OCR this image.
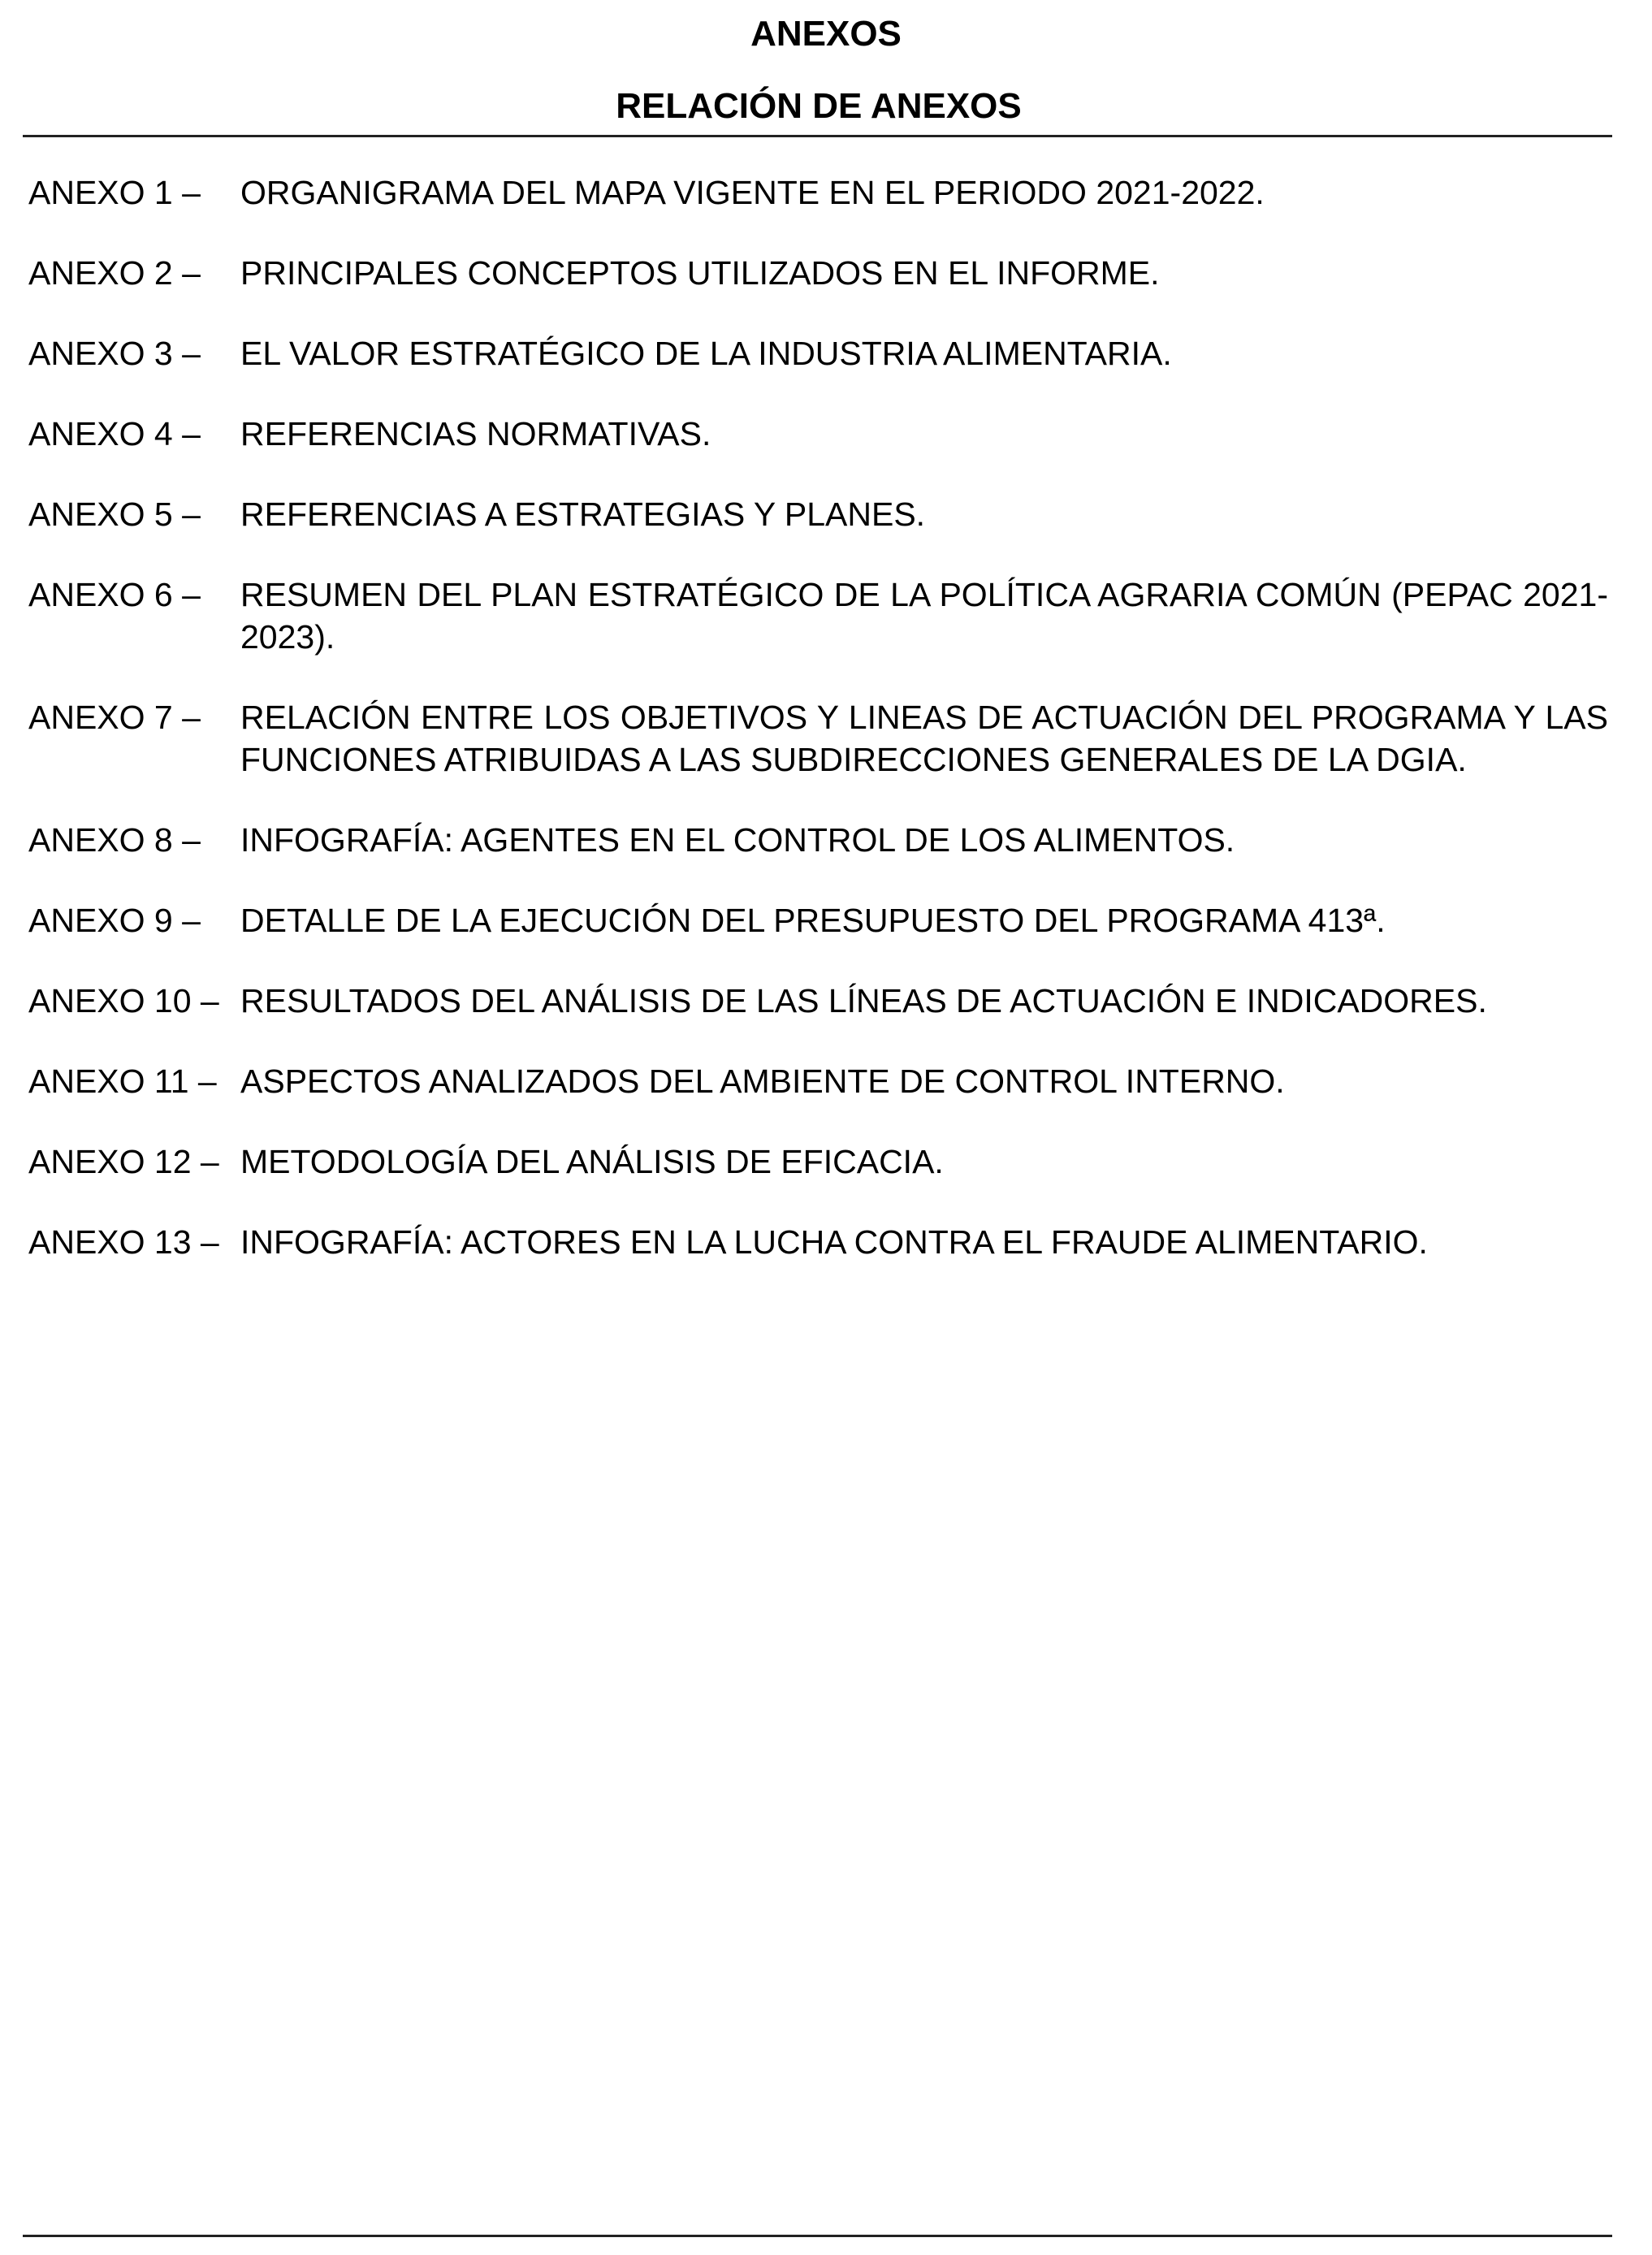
ANEXOS
RELACIÓN DE ANEXOS
ANEXO 1 –	ORGANIGRAMA DEL MAPA VIGENTE EN EL PERIODO 2021-2022.
ANEXO 2 –	PRINCIPALES CONCEPTOS UTILIZADOS EN EL INFORME.
ANEXO 3 –	EL VALOR ESTRATÉGICO DE LA INDUSTRIA ALIMENTARIA.
ANEXO 4 –	REFERENCIAS NORMATIVAS.
ANEXO 5 –	REFERENCIAS A ESTRATEGIAS Y PLANES.
ANEXO 6 –	RESUMEN DEL PLAN ESTRATÉGICO DE LA POLÍTICA AGRARIA COMÚN (PEPAC 2021-2023).
ANEXO 7 –	RELACIÓN ENTRE LOS OBJETIVOS Y LINEAS DE ACTUACIÓN DEL PROGRAMA Y LAS FUNCIONES ATRIBUIDAS A LAS SUBDIRECCIONES GENERALES DE LA DGIA.
ANEXO 8 –	INFOGRAFÍA: AGENTES EN EL CONTROL DE LOS ALIMENTOS.
ANEXO 9 –	DETALLE DE LA EJECUCIÓN DEL PRESUPUESTO DEL PROGRAMA 413ª.
ANEXO 10 – RESULTADOS DEL ANÁLISIS DE LAS LÍNEAS DE ACTUACIÓN E INDICADORES.
ANEXO 11 – ASPECTOS ANALIZADOS DEL AMBIENTE DE CONTROL INTERNO.
ANEXO 12 – METODOLOGÍA DEL ANÁLISIS DE EFICACIA.
ANEXO 13 – INFOGRAFÍA: ACTORES EN LA LUCHA CONTRA EL FRAUDE ALIMENTARIO.
